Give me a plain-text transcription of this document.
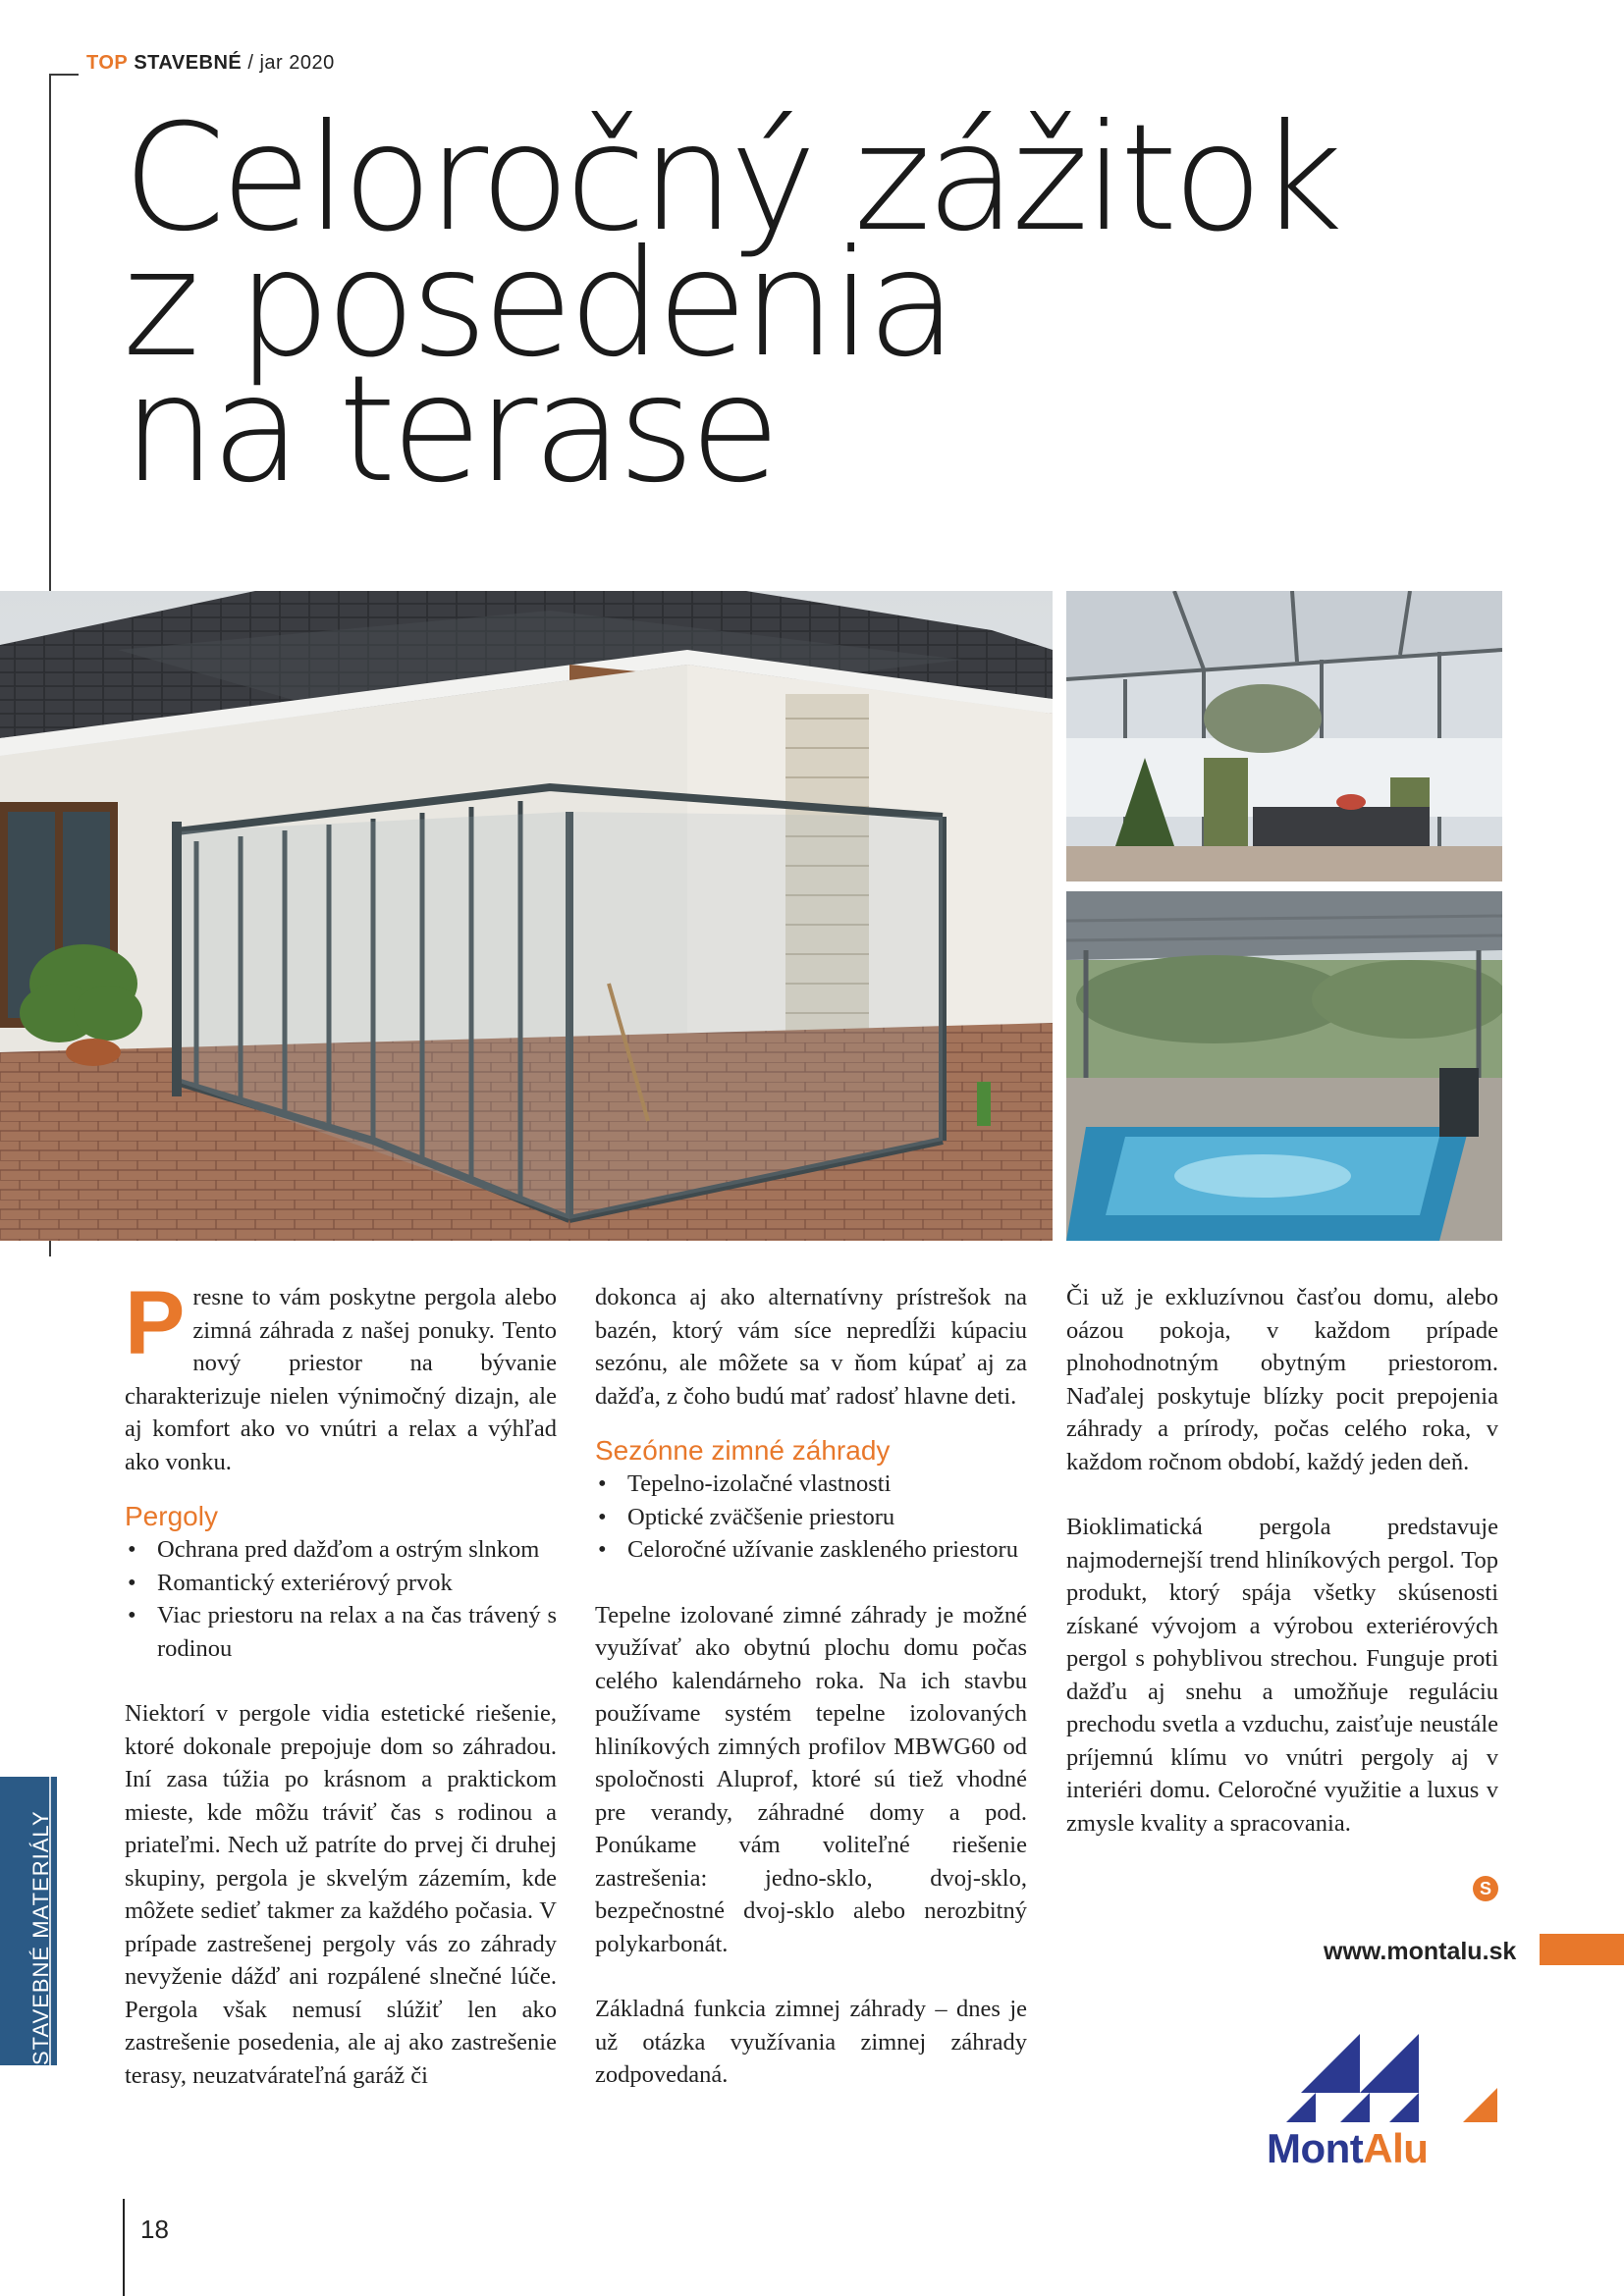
TOP STAVEBNÉ / jar 2020
Celoročný zážitok
z posedenia
na terase

Presne to vám poskytne pergola alebo zimná záhrada z našej ponuky. Tento nový priestor na bývanie charakterizuje nielen výnimočný dizajn, ale aj komfort ako vo vnútri a relax a výhľad ako vonku.

Pergoly
• Ochrana pred dažďom a ostrým slnkom
• Romantický exteriérový prvok
• Viac priestoru na relax a na čas trávený s rodinou

Niektorí v pergole vidia estetické riešenie, ktoré dokonale prepojuje dom so záhradou. Iní zasa túžia po krásnom a praktickom mieste, kde môžu tráviť čas s rodinou a priateľmi. Nech už patríte do prvej či druhej skupiny, pergola je skvelým zázemím, kde môžete sedieť takmer za každého počasia. V prípade zastrešenej pergoly vás zo záhrady nevyženie dážď ani rozpálené slnečné lúče. Pergola však nemusí slúžiť len ako zastrešenie posedenia, ale aj ako zastrešenie terasy, neuzatvárateľná garáž či

dokonca aj ako alternatívny prístrešok na bazén, ktorý vám síce nepredĺži kúpaciu sezónu, ale môžete sa v ňom kúpať aj za dažďa, z čoho budú mať radosť hlavne deti.

Sezónne zimné záhrady
• Tepelno-izolačné vlastnosti
• Optické zväčšenie priestoru
• Celoročné užívanie zaskleného priestoru

Tepelne izolované zimné záhrady je možné využívať ako obytnú plochu domu počas celého kalendárneho roka. Na ich stavbu používame systém tepelne izolovaných hliníkových zimných profilov MBWG60 od spoločnosti Aluprof, ktoré sú tiež vhodné pre verandy, záhradné domy a pod. Ponúkame vám voliteľné riešenie zastrešenia: jedno-sklo, dvoj-sklo, bezpečnostné dvoj-sklo alebo nerozbitný polykarbonát.

Základná funkcia zimnej záhrady – dnes je už otázka využívania zimnej záhrady zodpovedaná.

Či už je exkluzívnou časťou domu, alebo oázou pokoja, v každom prípade plnohodnotným obytným priestorom. Naďalej poskytuje blízky pocit prepojenia záhrady a prírody, počas celého roka, v každom ročnom období, každý jeden deň.

Bioklimatická pergola predstavuje najmodernejší trend hliníkových pergol. Top produkt, ktorý spája všetky skúsenosti získané vývojom a výrobou exteriérových pergol s pohyblivou strechou. Funguje proti dažďu aj snehu a umožňuje reguláciu prechodu svetla a vzduchu, zaisťuje neustále príjemnú klímu vo vnútri pergoly aj v interiéri domu. Celoročné využitie a luxus v zmysle kvality a spracovania.

S
www.montalu.sk
MontAlu
STAVEBNÉ MATERIÁLY
18
